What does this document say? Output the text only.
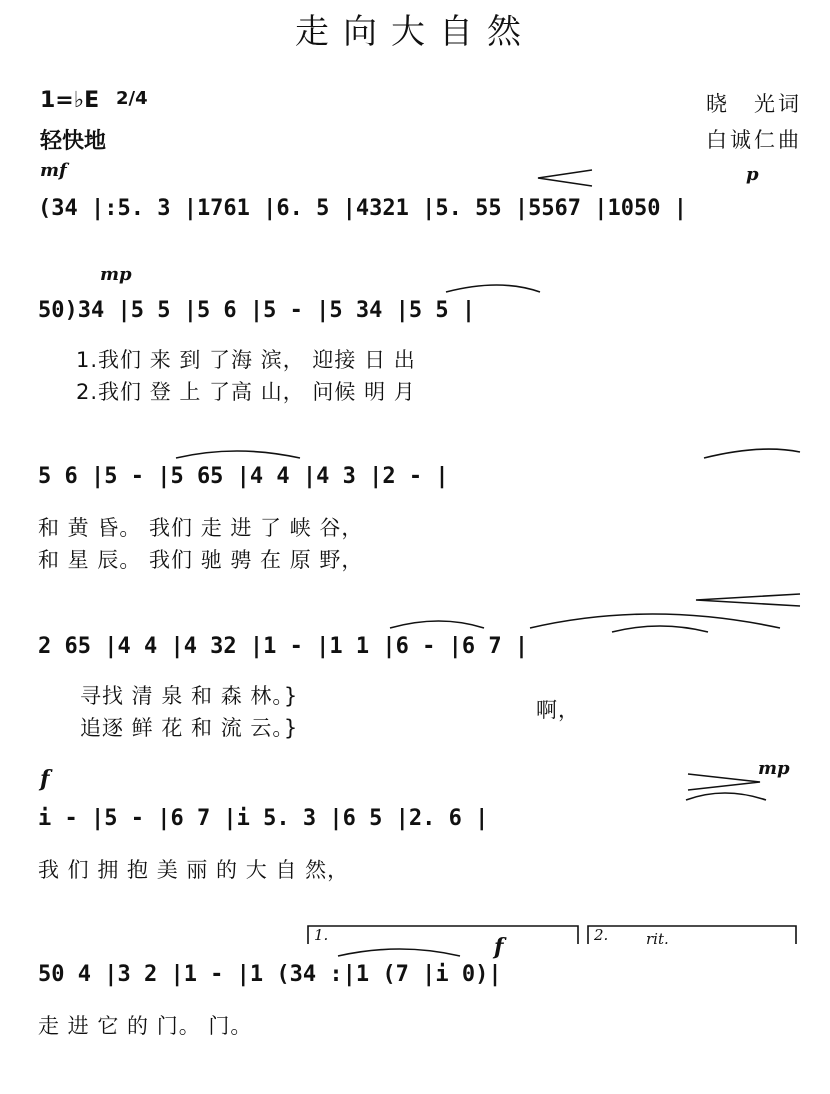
走向大自然
1=♭E 2/4
轻快地
晓　光词
白诚仁曲
mf	p
(34 |:5. 3 |1761 |6. 5 |4321 |5. 55 |5567 |1050 |
mp
50)34 |5 5 |5 6 |5 - |5 34 |5 5 |
1.我们 来 到 了海 滨， 迎接 日 出
2.我们 登 上 了高 山， 问候 明 月
5 6 |5 - |5 65 |4 4 |4 3 |2 - |
和 黄 昏。 我们 走 进 了 峡 谷，
和 星 辰。 我们 驰 骋 在 原 野，
2 65 |4 4 |4 32 |1 - |1 1 |6 - |6 7 |
寻找 清 泉 和 森 林。}
追逐 鲜 花 和 流 云。}
啊，
f	mp
i - |5 - |6 7 |i 5. 3 |6 5 |2. 6 |
我 们 拥 抱 美 丽 的 大 自 然，
1.	2.	rit.
f
50 4 |3 2 |1 - |1 (34 :|1 (7 |i 0)|
走 进 它 的 门。 门。
